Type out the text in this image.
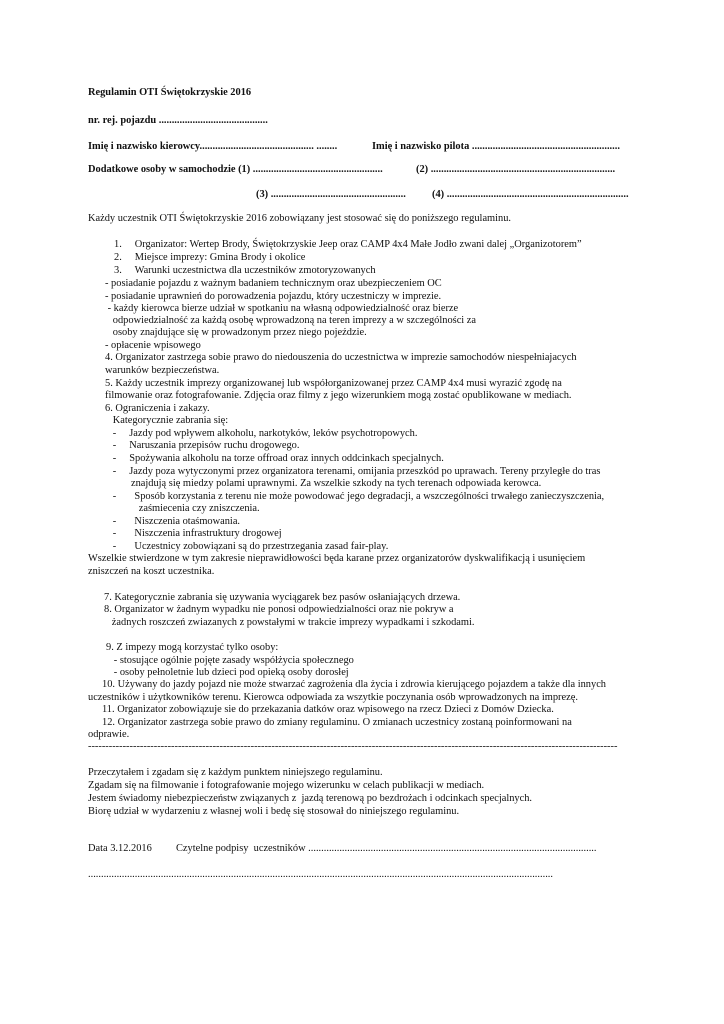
Regulamin OTI Świętokrzyskie 2016
nr. rej. pojazdu ..........................................
Imię i nazwisko kierowcy............................................ ........	Imię i nazwisko pilota .........................................................
Dodatkowe osoby w samochodzie (1) ..................................................	(2) .......................................................................
(3) ....................................................	(4) ......................................................................
Każdy uczestnik OTI Świętokrzyskie 2016 zobowiązany jest stosować się do poniższego regulaminu.
1.     Organizator: Wertep Brody, Świętokrzyskie Jeep oraz CAMP 4x4 Małe Jodło zwani dalej „Organizotorem”
2.     Miejsce imprezy: Gmina Brody i okolice
3.     Warunki uczestnictwa dla uczestników zmotoryzowanych
- posiadanie pojazdu z ważnym badaniem technicznym oraz ubezpieczeniem OC
- posiadanie uprawnień do porowadzenia pojazdu, który uczestniczy w imprezie.
- każdy kierowca bierze udział w spotkaniu na własną odpowiedzialność oraz bierze
odpowiedzialność za każdą osobę wprowadzoną na teren imprezy a w szczególności za
osoby znajdujące się w prowadzonym przez niego pojeździe.
- opłacenie wpisowego
4. Organizator zastrzega sobie prawo do niedouszenia do uczestnictwa w imprezie samochodów niespełniajacych
warunków bezpieczeństwa.
5. Każdy uczestnik imprezy organizowanej lub współorganizowanej przez CAMP 4x4 musi wyrazić zgodę na
filmowanie oraz fotografowanie. Zdjęcia oraz filmy z jego wizerunkiem mogą zostać opublikowane w mediach.
6. Ograniczenia i zakazy.
Kategorycznie zabrania się:
-     Jazdy pod wpływem alkoholu, narkotyków, leków psychotropowych.
-     Naruszania przepisów ruchu drogowego.
-     Spożywania alkoholu na torze offroad oraz innych oddcinkach specjalnych.
-     Jazdy poza wytyczonymi przez organizatora terenami, omijania przeszkód po uprawach. Tereny przyległe do tras
znajdują się miedzy polami uprawnymi. Za wszelkie szkody na tych terenach odpowiada kerowca.
-       Sposób korzystania z terenu nie może powodować jego degradacji, a wszczególności trwałego zanieczyszczenia,
zaśmiecenia czy zniszczenia.
-       Niszczenia otaśmowania.
-       Niszczenia infrastruktury drogowej
-       Uczestnicy zobowiązani są do przestrzegania zasad fair-play.
Wszelkie stwierdzone w tym zakresie nieprawidłowości będa karane przez organizatorów dyskwalifikacją i usunięciem
zniszczeń na koszt uczestnika.
7. Kategorycznie zabrania się uzywania wyciągarek bez pasów osłaniających drzewa.
8. Organizator w żadnym wypadku nie ponosi odpowiedzialności oraz nie pokryw a
żadnych roszczeń zwiazanych z powstałymi w trakcie imprezy wypadkami i szkodami.
9. Z impezy mogą korzystać tylko osoby:
- stosujące ogólnie pojęte zasady współżycia społecznego
- osoby pełnoletnie lub dzieci pod opieką osoby dorosłej
10. Używany do jazdy pojazd nie może stwarzać zagrożenia dla życia i zdrowia kierującego pojazdem a także dla innych
uczestników i użytkowników terenu. Kierowca odpowiada za wszytkie poczynania osób wprowadzonych na imprezę.
11. Organizator zobowiązuje sie do przekazania datków oraz wpisowego na rzecz Dzieci z Domów Dziecka.
12. Organizator zastrzega sobie prawo do zmiany regulaminu. O zmianach uczestnicy zostaną poinformowani na
odprawie.
---------------------------------------------------------------------------------------------------------------------------------------------------------
Przeczytałem i zgadam się z każdym punktem niniejszego regulaminu.
Zgadam się na filmowanie i fotografowanie mojego wizerunku w celach publikacji w mediach.
Jestem świadomy niebezpieczeństw związanych z  jazdą terenową po bezdrożach i odcinkach specjalnych.
Biorę udział w wydarzeniu z własnej woli i bedę się stosował do niniejszego regulaminu.
Data 3.12.2016 Czytelne podpisy  uczestników ...............................................................................................................
...................................................................................................................................................................................
